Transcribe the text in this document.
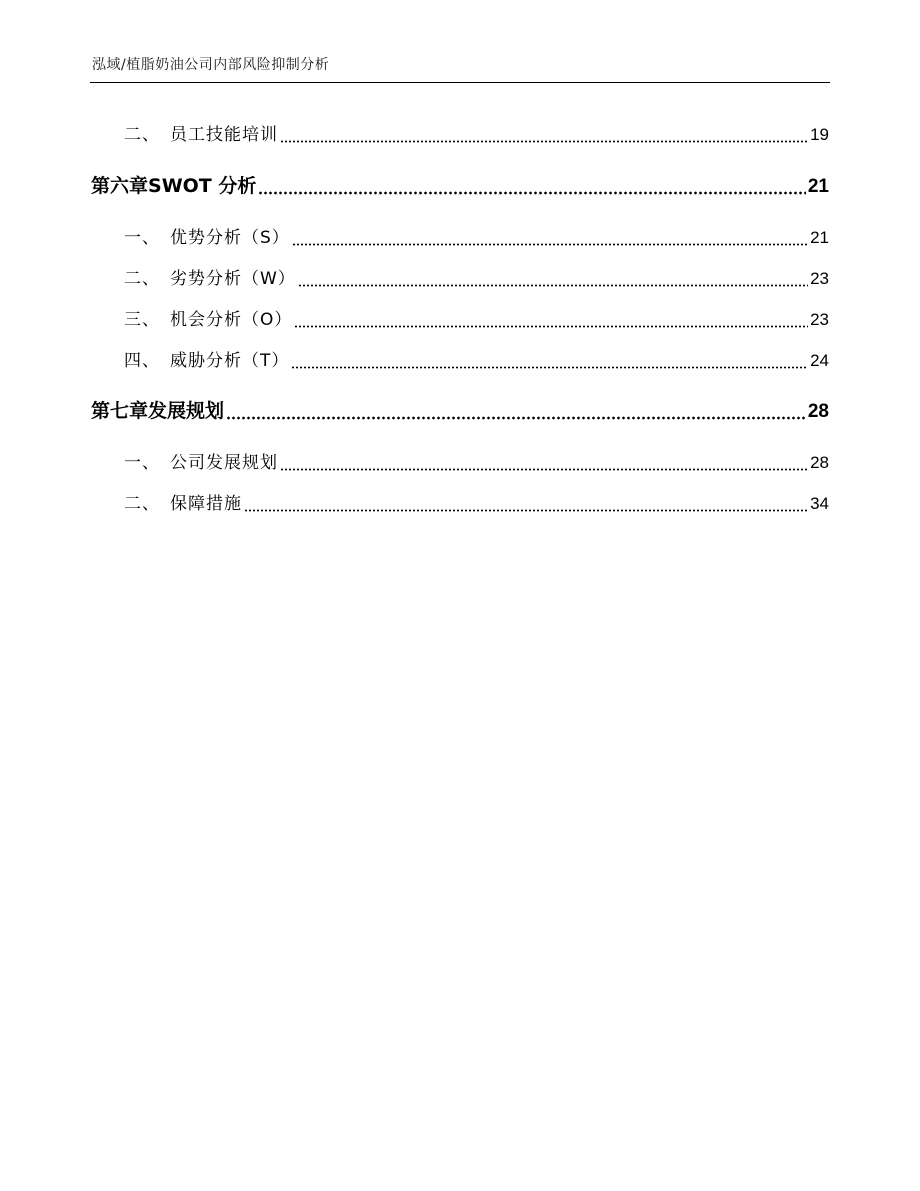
泓域/植脂奶油公司内部风险抑制分析
二、 员工技能培训	19
第六章 SWOT 分析	21
一、 优势分析（S）	21
二、 劣势分析（W）	23
三、 机会分析（O）	23
四、 威胁分析（T）	24
第七章 发展规划	28
一、 公司发展规划	28
二、 保障措施	34
